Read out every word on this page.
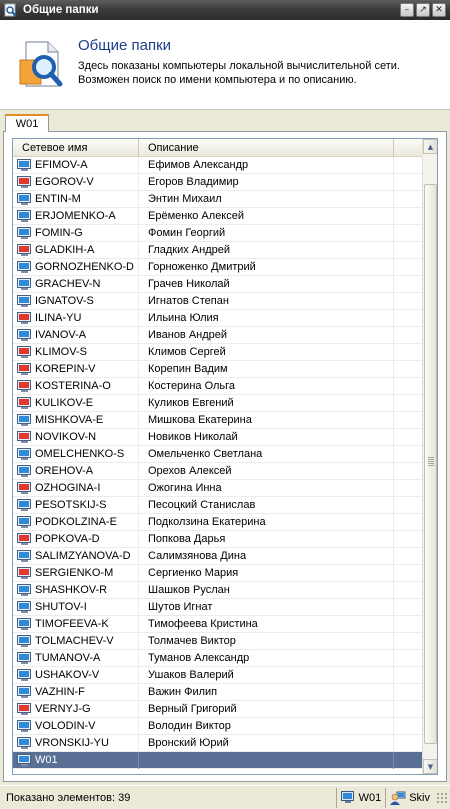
Общие папки	– ↗ ✕
Общие папки
Здесь показаны компьютеры локальной вычислительной сети. Возможен поиск по имени компьютера и по описанию.
W01
Сетевое имя	Описание
EFIMOV-A	Ефимов Александр
EGOROV-V	Егоров Владимир
ENTIN-M	Энтин Михаил
ERJOMENKO-A	Ерёменко Алексей
FOMIN-G	Фомин Георгий
GLADKIH-A	Гладких Андрей
GORNOZHENKO-D	Горноженко Дмитрий
GRACHEV-N	Грачев Николай
IGNATOV-S	Игнатов Степан
ILINA-YU	Ильина Юлия
IVANOV-A	Иванов Андрей
KLIMOV-S	Климов Сергей
KOREPIN-V	Корепин Вадим
KOSTERINA-O	Костерина Ольга
KULIKOV-E	Куликов Евгений
MISHKOVA-E	Мишкова Екатерина
NOVIKOV-N	Новиков Николай
OMELCHENKO-S	Омельченко Светлана
OREHOV-A	Орехов Алексей
OZHOGINA-I	Ожогина Инна
PESOTSKIJ-S	Песоцкий Станислав
PODKOLZINA-E	Подколзина Екатерина
POPKOVA-D	Попкова Дарья
SALIMZYANOVA-D	Салимзянова Дина
SERGIENKO-M	Сергиенко Мария
SHASHKOV-R	Шашков Руслан
SHUTOV-I	Шутов Игнат
TIMOFEEVA-K	Тимофеева Кристина
TOLMACHEV-V	Толмачев Виктор
TUMANOV-A	Туманов Александр
USHAKOV-V	Ушаков Валерий
VAZHIN-F	Важин Филип
VERNYJ-G	Верный Григорий
VOLODIN-V	Володин Виктор
VRONSKIJ-YU	Вронский Юрий
W01
▲
▼
Показано элементов: 39	W01	Skiv
